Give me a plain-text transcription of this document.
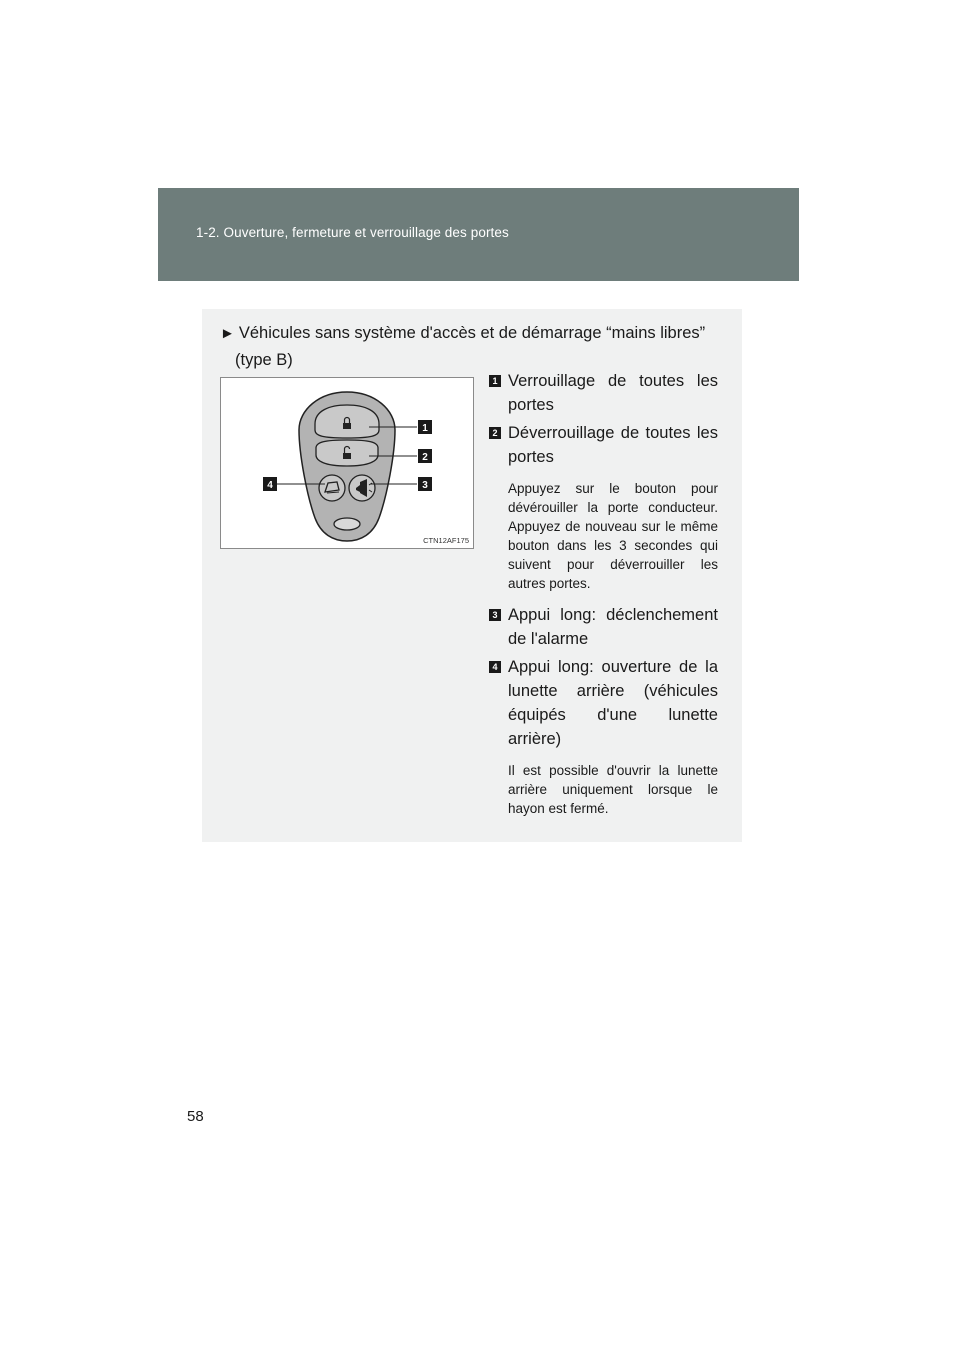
1-2. Ouverture, fermeture et verrouillage des portes
► Véhicules sans système d'accès et de démarrage “mains libres”
(type B)
1
2
3
4
CTN12AF175
1 Verrouillage de toutes les portes
2 Déverrouillage de toutes les portes
Appuyez sur le bouton pour dévérouiller la porte conducteur. Appuyez de nouveau sur le même bouton dans les 3 secondes qui suivent pour déverrouiller les autres portes.
3 Appui long: déclenchement de l'alarme
4 Appui long: ouverture de la lunette arrière (véhicules équipés d'une lunette arrière)
Il est possible d'ouvrir la lunette arrière uniquement lorsque le hayon est fermé.
58
